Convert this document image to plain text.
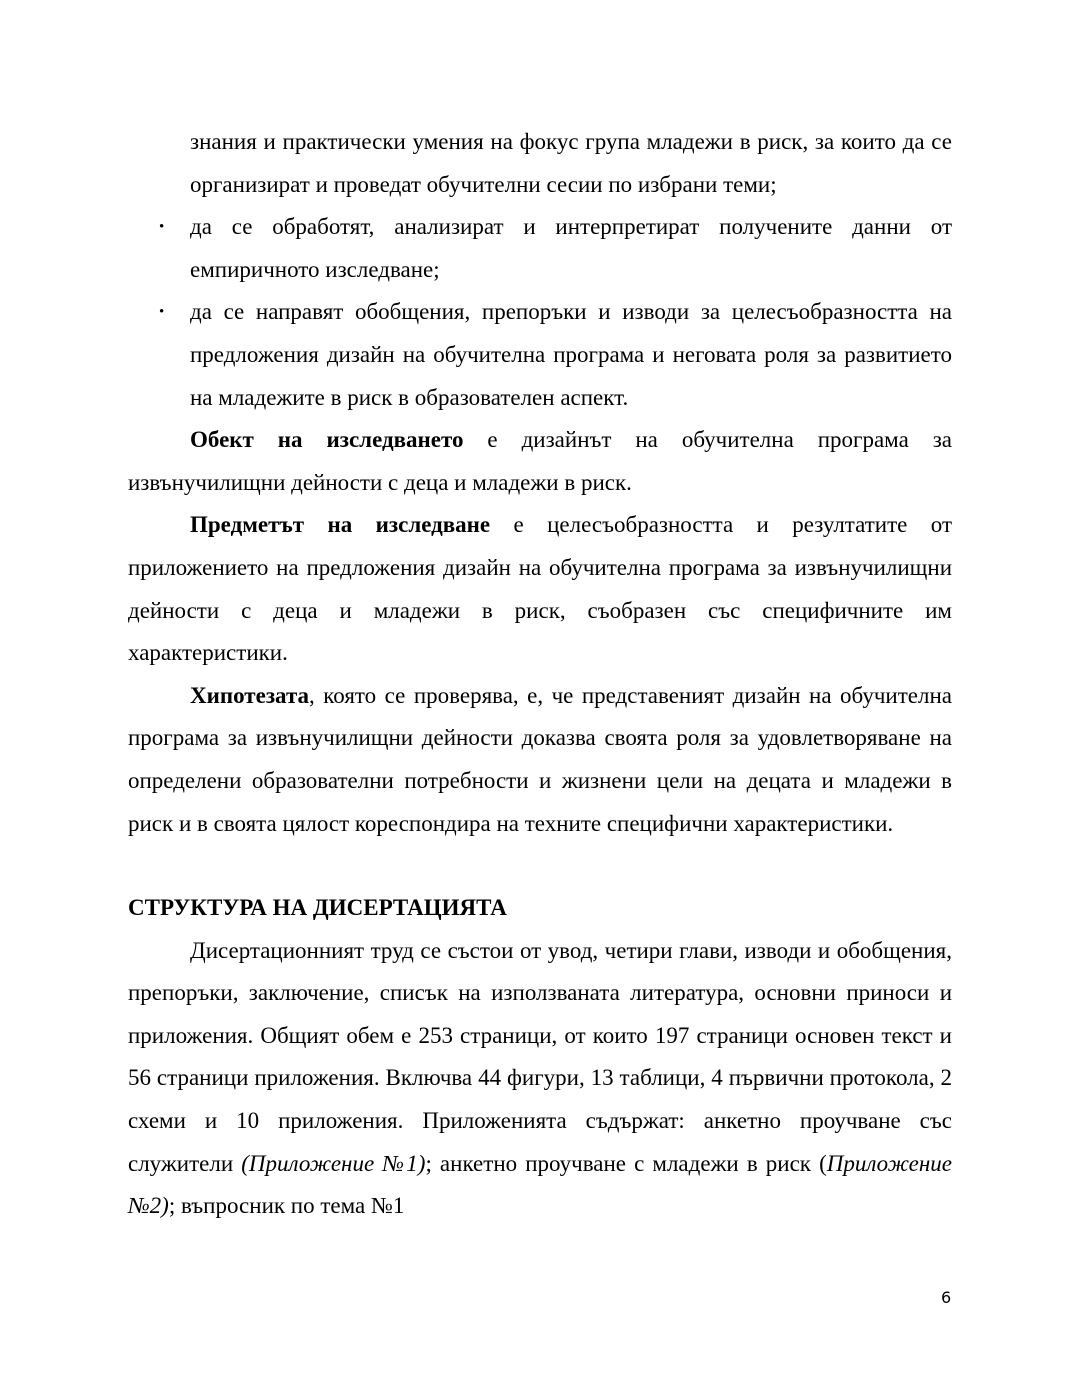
знания и практически умения на фокус група младежи в риск, за които да се организират и проведат обучителни сесии по избрани теми;

• да се обработят, анализират и интерпретират получените данни от емпиричното изследване;
• да се направят обобщения, препоръки и изводи за целесъобразността на предложения дизайн на обучителна програма и неговата роля за развитието на младежите в риск в образователен аспект.

Обект на изследването е дизайнът на обучителна програма за извънучилищни дейности с деца и младежи в риск.

Предметът на изследване е целесъобразността и резултатите от приложението на предложения дизайн на обучителна програма за извънучилищни дейности с деца и младежи в риск, съобразен със специфичните им характеристики.

Хипотезата, която се проверява, е, че представеният дизайн на обучителна програма за извънучилищни дейности доказва своята роля за удовлетворяване на определени образователни потребности и жизнени цели на децата и младежи в риск и в своята цялост кореспондира на техните специфични характеристики.

СТРУКТУРА НА ДИСЕРТАЦИЯТА

Дисертационният труд се състои от увод, четири глави, изводи и обобщения, препоръки, заключение, списък на използваната литература, основни приноси и приложения. Общият обем е 253 страници, от които 197 страници основен текст и 56 страници приложения. Включва 44 фигури, 13 таблици, 4 първични протокола, 2 схеми и 10 приложения. Приложенията съдържат: анкетно проучване със служители (Приложение №1); анкетно проучване с младежи в риск (Приложение №2); въпросник по тема №1

6
